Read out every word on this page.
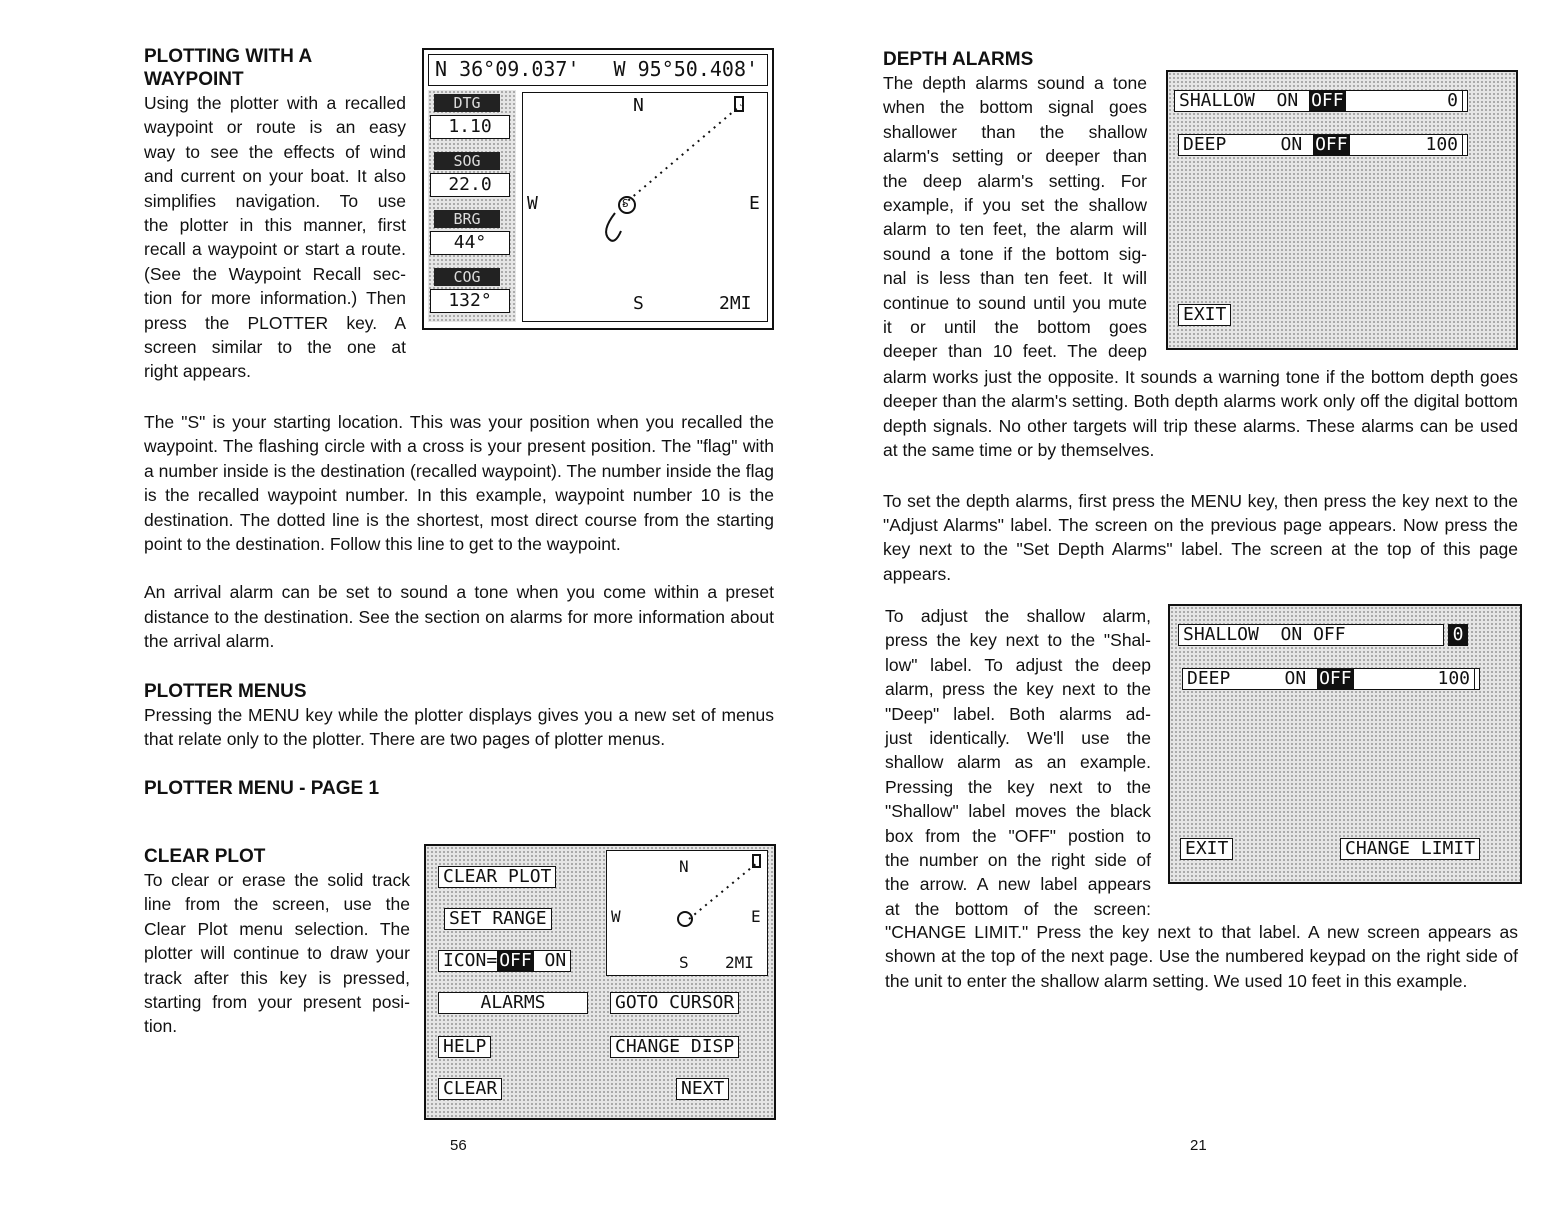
PLOTTING WITH A

WAYPOINT

Using the plotter with a recalled
waypoint or route is an easy
way to see the effects of wind
and current on your boat. It also
simplifies navigation. To use
the plotter in this manner, first
recall a waypoint or start a route.
(See the Waypoint Recall sec-
tion for more information.) Then
press the PLOTTER key. A
screen similar to the one at
right appears.

The "S" is your starting location. This was your position when you recalled the waypoint. The flashing circle with a cross is your present position. The "flag" with a number inside is the destination (recalled waypoint). The number inside the flag is the recalled waypoint number. In this example, waypoint number 10 is the destination. The dotted line is the shortest, most direct course from the starting point to the destination. Follow this line to get to the waypoint.

An arrival alarm can be set to sound a tone when you come within a preset distance to the destination. See the section on alarms for more information about the arrival alarm.

PLOTTER MENUS

Pressing the MENU key while the plotter displays gives you a new set of menus that relate only to the plotter. There are two pages of plotter menus.

PLOTTER MENU - PAGE 1

CLEAR PLOT

To clear or erase the solid track
line from the screen, use the
Clear Plot menu selection. The
plotter will continue to draw your
track after this key is pressed,
starting from your present posi-
tion.
N 36°09.037' W 95°50.408'
DTG
1.10
SOG
22.0
BRG
44°
COG
132°
N
S
E
W	S
2MI
CLEAR PLOT
SET RANGE
ICON= OFF ON
ALARMS
HELP
CLEAR
GOTO CURSOR
CHANGE DISP
NEXT
N
S
E
W
2MI
56

DEPTH ALARMS

The depth alarms sound a tone
when the bottom signal goes
shallower than the shallow
alarm's setting or deeper than
the deep alarm's setting. For
example, if you set the shallow
alarm to ten feet, the alarm will
sound a tone if the bottom sig-
nal is less than ten feet. It will
continue to sound until you mute
it or until the bottom goes
deeper than 10 feet. The deep

alarm works just the opposite. It sounds a warning tone if the bottom depth goes deeper than the alarm's setting. Both depth alarms work only off the digital bottom depth signals. No other targets will trip these alarms. These alarms can be used at the same time or by themselves.

To set the depth alarms, first press the MENU key, then press the key next to the "Adjust Alarms" label. The screen on the previous page appears. Now press the key next to the "Set Depth Alarms" label. The screen at the top of this page appears.

To adjust the shallow alarm,
press the key next to the "Shal-
low" label. To adjust the deep
alarm, press the key next to the
"Deep" label. Both alarms ad-
just identically. We'll use the
shallow alarm as an example.
Pressing the key next to the
"Shallow" label moves the black
box from the "OFF" postion to
the number on the right side of
the arrow. A new label appears
at the bottom of the screen:

"CHANGE LIMIT." Press the key next to that label. A new screen appears as shown at the top of the next page. Use the numbered keypad on the right side of the unit to enter the shallow alarm setting. We used 10 feet in this example.

SHALLOW ON OFF	0
DEEP	ON OFF	100
EXIT
SHALLOW ON OFF	0
DEEP	ON OFF	100
EXIT	CHANGE LIMIT
21
